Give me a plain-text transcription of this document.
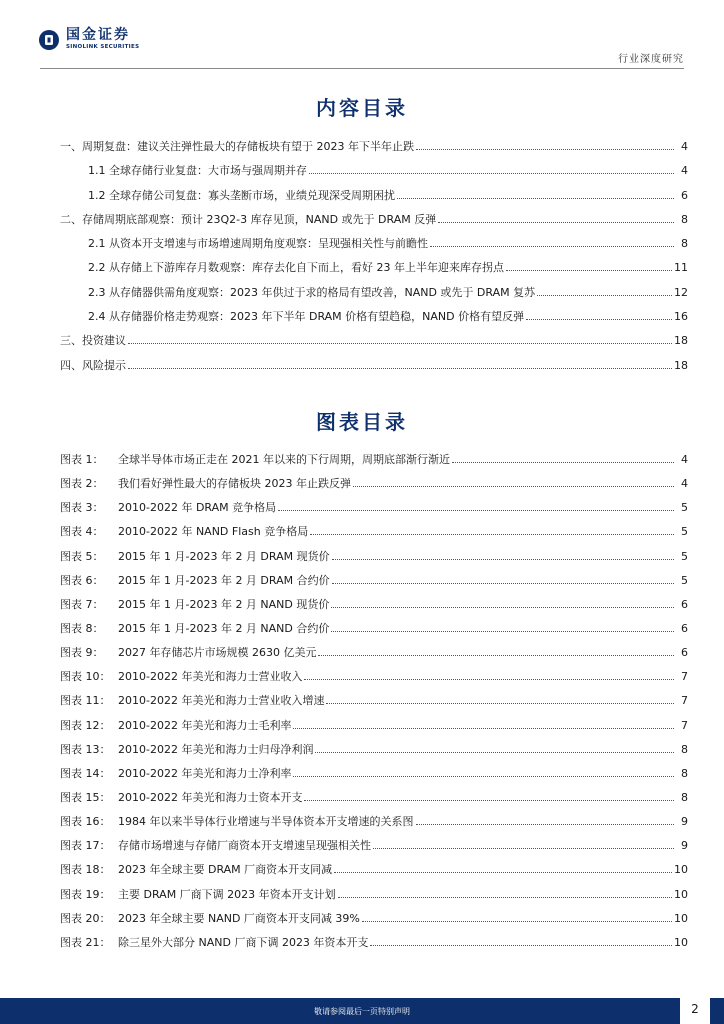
国金证券
SINOLINK SECURITIES
行业深度研究
内容目录
一、周期复盘：建议关注弹性最大的存储板块有望于 2023 年下半年止跌	4
1.1 全球存储行业复盘：大市场与强周期并存	4
1.2 全球存储公司复盘：寡头垄断市场，业绩兑现深受周期困扰	6
二、存储周期底部观察：预计 23Q2-3 库存见顶，NAND 或先于 DRAM 反弹	8
2.1 从资本开支增速与市场增速周期角度观察：呈现强相关性与前瞻性	8
2.2 从存储上下游库存月数观察：库存去化自下而上，看好 23 年上半年迎来库存拐点	11
2.3 从存储器供需角度观察：2023 年供过于求的格局有望改善，NAND 或先于 DRAM 复苏	12
2.4 从存储器价格走势观察：2023 年下半年 DRAM 价格有望趋稳，NAND 价格有望反弹	16
三、投资建议	18
四、风险提示	18
图表目录
图表 1：	全球半导体市场正走在 2021 年以来的下行周期，周期底部渐行渐近	4
图表 2：	我们看好弹性最大的存储板块 2023 年止跌反弹	4
图表 3：	2010-2022 年 DRAM 竞争格局	5
图表 4：	2010-2022 年 NAND Flash 竞争格局	5
图表 5：	2015 年 1 月-2023 年 2 月 DRAM 现货价	5
图表 6：	2015 年 1 月-2023 年 2 月 DRAM 合约价	5
图表 7：	2015 年 1 月-2023 年 2 月 NAND 现货价	6
图表 8：	2015 年 1 月-2023 年 2 月 NAND 合约价	6
图表 9：	2027 年存储芯片市场规模 2630 亿美元	6
图表 10： 2010-2022 年美光和海力士营业收入	7
图表 11： 2010-2022 年美光和海力士营业收入增速	7
图表 12： 2010-2022 年美光和海力士毛利率	7
图表 13： 2010-2022 年美光和海力士归母净利润	8
图表 14： 2010-2022 年美光和海力士净利率	8
图表 15： 2010-2022 年美光和海力士资本开支	8
图表 16： 1984 年以来半导体行业增速与半导体资本开支增速的关系图	9
图表 17： 存储市场增速与存储厂商资本开支增速呈现强相关性	9
图表 18： 2023 年全球主要 DRAM 厂商资本开支同减	10
图表 19： 主要 DRAM 厂商下调 2023 年资本开支计划	10
图表 20： 2023 年全球主要 NAND 厂商资本开支同减 39%	10
图表 21： 除三星外大部分 NAND 厂商下调 2023 年资本开支	10
敬请参阅最后一页特别声明	2
